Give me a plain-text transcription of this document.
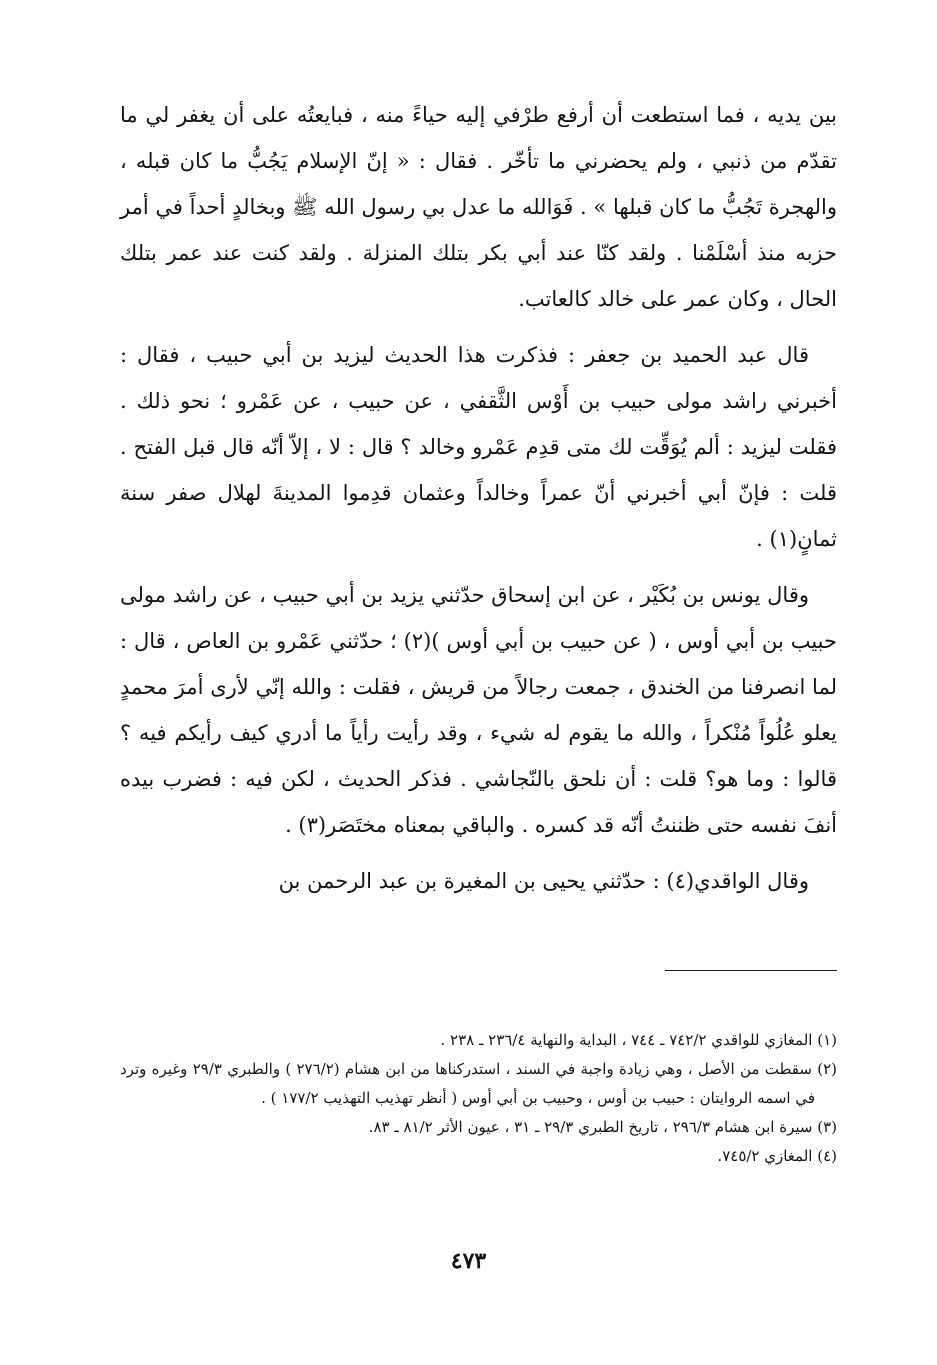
بين يديه ، فما استطعت أن أرفع طرْفي إليه حياءً منه ، فبايعتُه على أن يغفر لي ما تقدّم من ذنبي ، ولم يحضرني ما تأخّر . فقال : « إنّ الإسلام يَجُبُّ ما كان قبله ، والهجرة تَجُبُّ ما كان قبلها » . فَوَالله ما عدل بي رسول الله ﷺ وبخالدٍ أحداً في أمر حزبه منذ أسْلَمْنا . ولقد كنّا عند أبي بكر بتلك المنزلة . ولقد كنت عند عمر بتلك الحال ، وكان عمر على خالد كالعاتب.

قال عبد الحميد بن جعفر : فذكرت هذا الحديث ليزيد بن أبي حبيب ، فقال : أخبرني راشد مولى حبيب بن أَوْس الثَّقفي ، عن حبيب ، عن عَمْرو ؛ نحو ذلك . فقلت ليزيد : ألم يُوَقِّت لك متى قدِم عَمْرو وخالد ؟ قال : لا ، إلاّ أنّه قال قبل الفتح . قلت : فإنّ أبي أخبرني أنّ عمراً وخالداً وعثمان قدِموا المدينةَ لهلال صفر سنة ثمانٍ(١) .

وقال يونس بن بُكَيْر ، عن ابن إسحاق حدّثني يزيد بن أبي حبيب ، عن راشد مولى حبيب بن أبي أوس ، ( عن حبيب بن أبي أوس )(٢) ؛ حدّثني عَمْرو بن العاص ، قال : لما انصرفنا من الخندق ، جمعت رجالاً من قريش ، فقلت : والله إنّي لأرى أمرَ محمدٍ يعلو عُلُواً مُنْكراً ، والله ما يقوم له شيء ، وقد رأيت رأياً ما أدري كيف رأيكم فيه ؟ قالوا : وما هو؟ قلت : أن نلحق بالنّجاشي . فذكر الحديث ، لكن فيه : فضرب بيده أنفَ نفسه حتى ظننتُ أنّه قد كسره . والباقي بمعناه مختَصَر(٣) .

وقال الواقدي(٤) : حدّثني يحيى بن المغيرة بن عبد الرحمن بن

(١) المغازي للواقدي ٧٤٢/٢ ـ ٧٤٤ ، البداية والنهاية ٢٣٦/٤ ـ ٢٣٨ .

(٢) سقطت من الأصل ، وهي زيادة واجبة في السند ، استدركناها من ابن هشام (٢٧٦/٢ ) والطبري ٢٩/٣ وغيره وترد في اسمه الروايتان : حبيب بن أوس ، وحبيب بن أبي أوس ( أنظر تهذيب التهذيب ١٧٧/٢ ) .

(٣) سيرة ابن هشام ٢٩٦/٣ ، تاريخ الطبري ٢٩/٣ ـ ٣١ ، عيون الأثر ٨١/٢ ـ ٨٣.

(٤) المغازي ٧٤٥/٢.

٤٧٣
